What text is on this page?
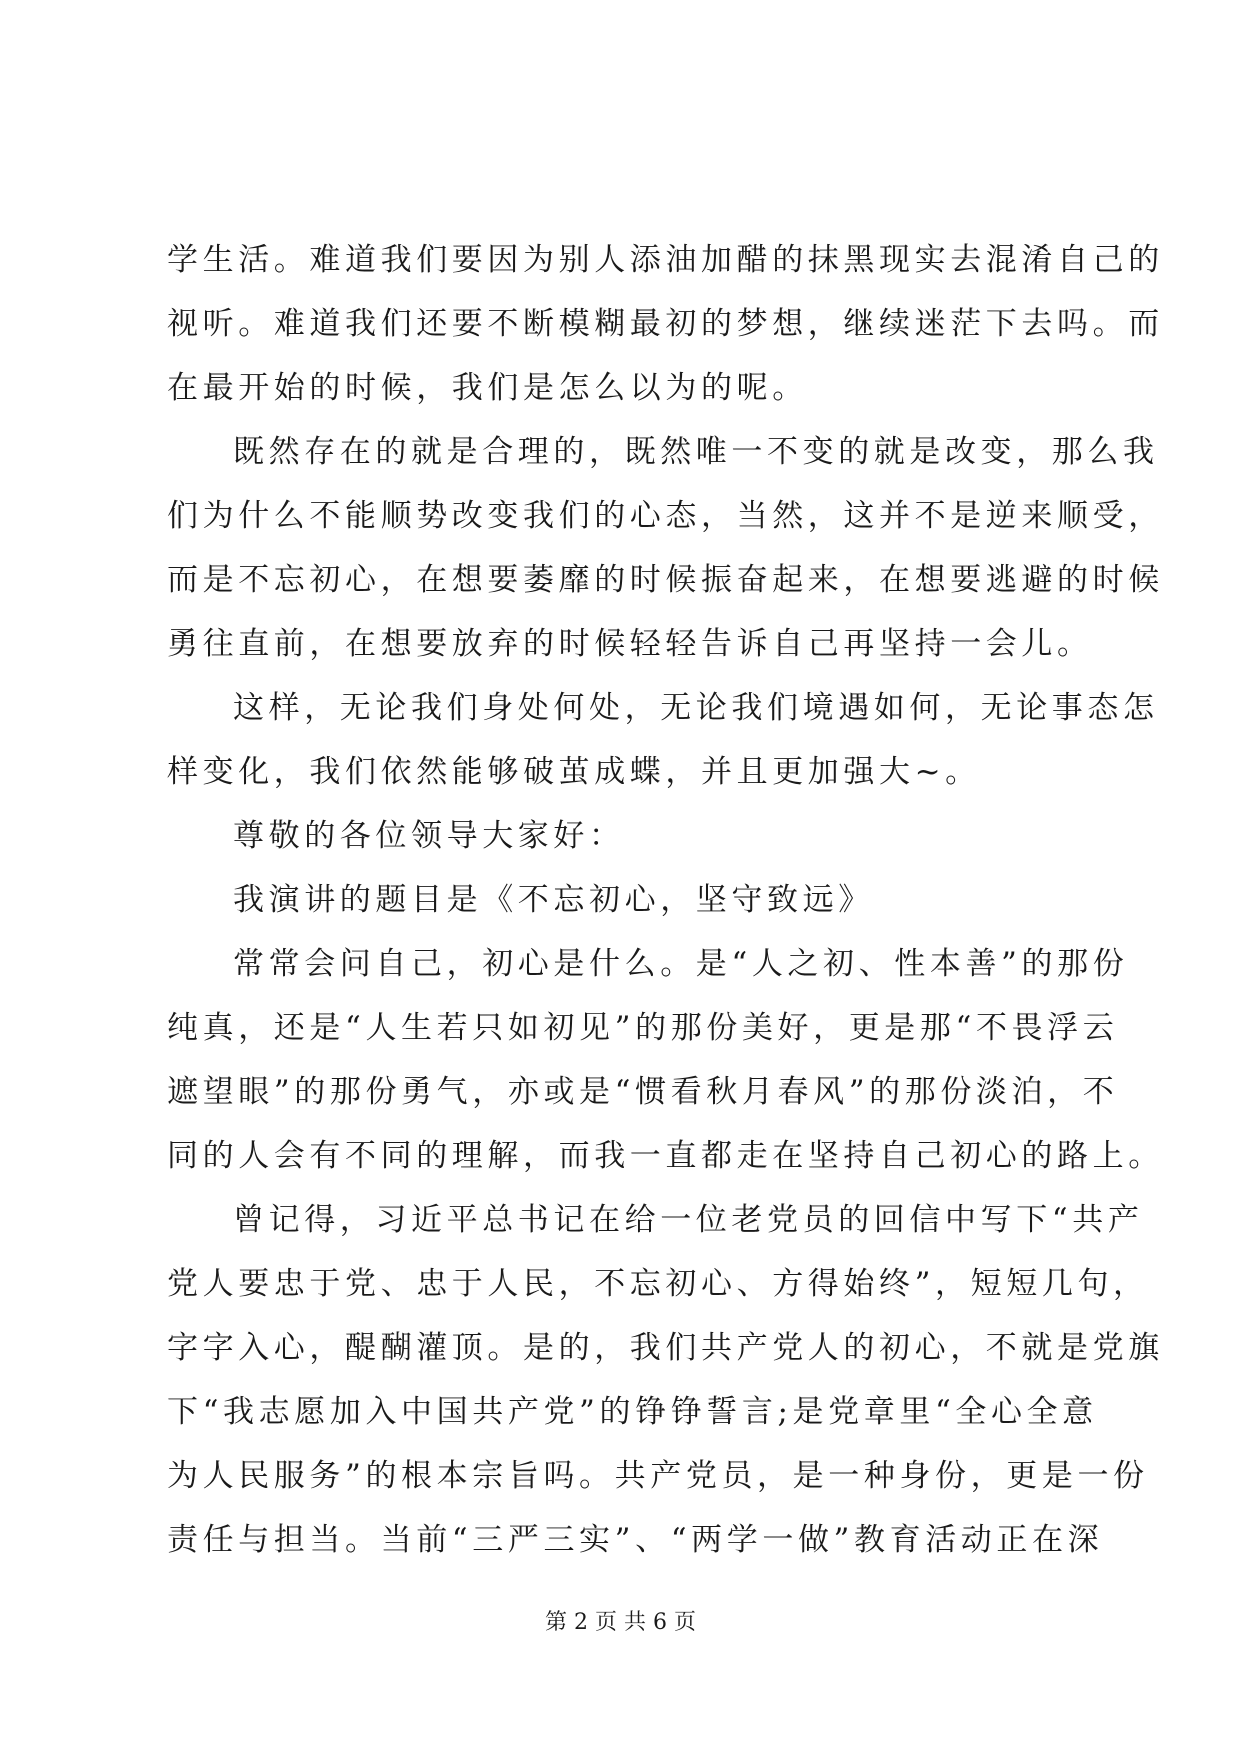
学生活。难道我们要因为别人添油加醋的抹黑现实去混淆自己的
视听。难道我们还要不断模糊最初的梦想，继续迷茫下去吗。而
在最开始的时候，我们是怎么以为的呢。
既然存在的就是合理的，既然唯一不变的就是改变，那么我
们为什么不能顺势改变我们的心态，当然，这并不是逆来顺受，
而是不忘初心，在想要萎靡的时候振奋起来，在想要逃避的时候
勇往直前，在想要放弃的时候轻轻告诉自己再坚持一会儿。
这样，无论我们身处何处，无论我们境遇如何，无论事态怎
样变化，我们依然能够破茧成蝶，并且更加强大~。
尊敬的各位领导大家好：
我演讲的题目是《不忘初心，坚守致远》
常常会问自己，初心是什么。是“人之初、性本善”的那份
纯真，还是“人生若只如初见”的那份美好，更是那“不畏浮云
遮望眼”的那份勇气，亦或是“惯看秋月春风”的那份淡泊，不
同的人会有不同的理解，而我一直都走在坚持自己初心的路上。
曾记得，习近平总书记在给一位老党员的回信中写下“共产
党人要忠于党、忠于人民，不忘初心、方得始终”，短短几句，
字字入心，醍醐灌顶。是的，我们共产党人的初心，不就是党旗
下“我志愿加入中国共产党”的铮铮誓言;是党章里“全心全意
为人民服务”的根本宗旨吗。共产党员，是一种身份，更是一份
责任与担当。当前“三严三实”、“两学一做”教育活动正在深
第 2 页 共 6 页
